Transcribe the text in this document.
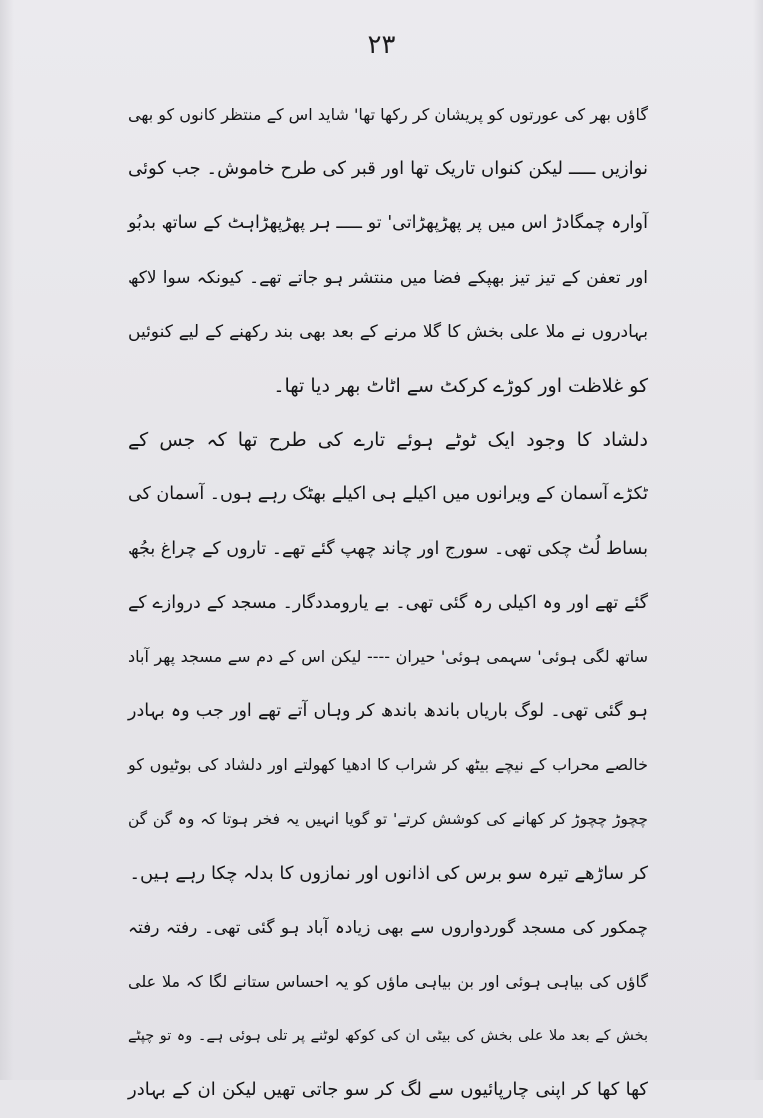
۲۳
گاؤں بھر کی عورتوں کو پریشان کر رکھا تھا' شاید اس کے منتظر کانوں کو بھی
نوازیں ـــــ لیکن کنواں تاریک تھا اور قبر کی طرح خاموش۔ جب کوئی
آوارہ چمگادڑ اس میں پر پھڑپھڑاتی' تو ـــــ ہر پھڑپھڑاہٹ کے ساتھ بدبُو
اور تعفن کے تیز تیز بھپکے فضا میں منتشر ہو جاتے تھے۔ کیونکہ سوا لاکھ
بہادروں نے ملا علی بخش کا گلا مرنے کے بعد بھی بند رکھنے کے لیے کنوئیں
کو غلاظت اور کوڑے کرکٹ سے اٹاٹ بھر دیا تھا۔
دلشاد کا وجود ایک ٹوٹے ہوئے تارے کی طرح تھا کہ جس کے
ٹکڑے آسمان کے ویرانوں میں اکیلے ہی اکیلے بھٹک رہے ہوں۔ آسمان کی
بساط لُٹ چکی تھی۔ سورج اور چاند چھپ گئے تھے۔ تاروں کے چراغ بجُھ
گئے تھے اور وہ اکیلی رہ گئی تھی۔ بے یارومددگار۔ مسجد کے دروازے کے
ساتھ لگی ہوئی' سہمی ہوئی' حیران ---- لیکن اس کے دم سے مسجد پھر آباد
ہو گئی تھی۔ لوگ باریاں باندھ باندھ کر وہاں آتے تھے اور جب وہ بہادر
خالصے محراب کے نیچے بیٹھ کر شراب کا ادھیا کھولتے اور دلشاد کی بوٹیوں کو
چچوڑ چچوڑ کر کھانے کی کوشش کرتے' تو گویا انہیں یہ فخر ہوتا کہ وہ گن گن
کر ساڑھے تیرہ سو برس کی اذانوں اور نمازوں کا بدلہ چکا رہے ہیں۔
چمکور کی مسجد گوردواروں سے بھی زیادہ آباد ہو گئی تھی۔ رفتہ رفتہ
گاؤں کی بیاہی ہوئی اور بن بیاہی ماؤں کو یہ احساس ستانے لگا کہ ملا علی
بخش کے بعد ملا علی بخش کی بیٹی ان کی کوکھ لوٹنے پر تلی ہوئی ہے۔ وہ تو چپٹے
کھا کھا کر اپنی چارپائیوں سے لگ کر سو جاتی تھیں لیکن ان کے بہادر
